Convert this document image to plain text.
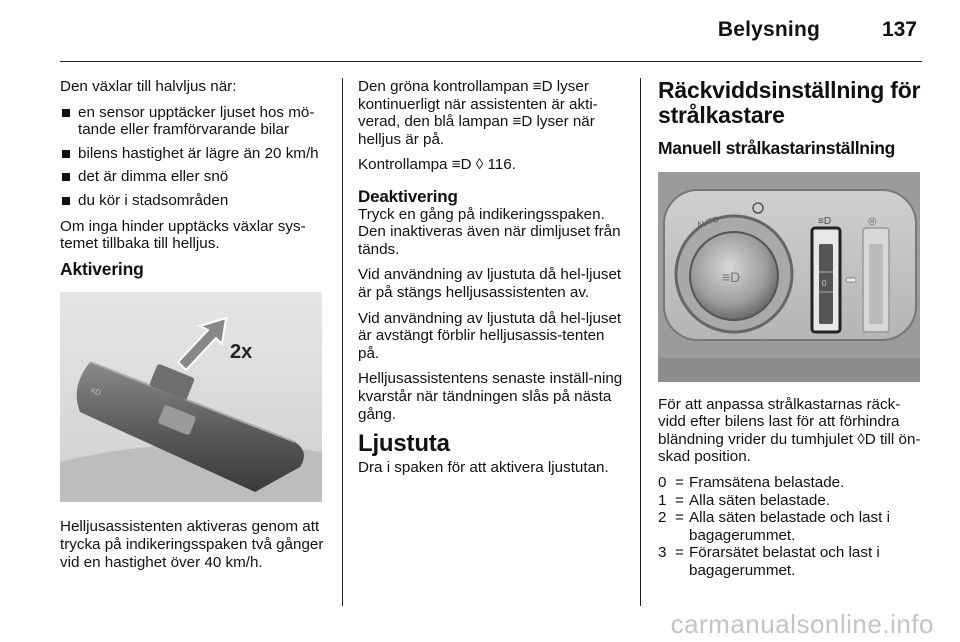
Belysning	137

Den växlar till halvljus när:

en sensor upptäcker ljuset hos mö-tande eller framförvarande bilar
bilens hastighet är lägre än 20 km/h
det är dimma eller snö
du kör i stadsområden

Om inga hinder upptäcks växlar sys-temet tillbaka till helljus.

Aktivering
≡D
2x

Helljusassistenten aktiveras genom att trycka på indikeringsspaken två gånger vid en hastighet över 40 km/h.

Den gröna kontrollampan ≡D lyser kontinuerligt när assistenten är akti-verad, den blå lampan ≡D lyser när helljus är på.

Kontrollampa ≡D ◊ 116.

Deaktivering

Tryck en gång på indikeringsspaken. Den inaktiveras även när dimljuset från tänds.

Vid användning av ljustuta då hel-ljuset är på stängs helljusassistenten av.

Vid användning av ljustuta då hel-ljuset är avstängt förblir helljusassis-tenten på.

Helljusassistentens senaste inställ-ning kvarstår när tändningen slås på nästa gång.

Ljustuta

Dra i spaken för att aktivera ljustutan.

Räckviddsinställning för strålkastare
Manuell strålkastarinställning
≡D
AUTO
0
≡D	◎

För att anpassa strålkastarnas räck-vidd efter bilens last för att förhindra bländning vrider du tumhjulet ◊D till ön-skad position.

0 = Framsätena belastade.
1 = Alla säten belastade.
2 = Alla säten belastade och last i bagagerummet.
3 = Förarsätet belastat och last i bagagerummet.
carmanualsonline.info
